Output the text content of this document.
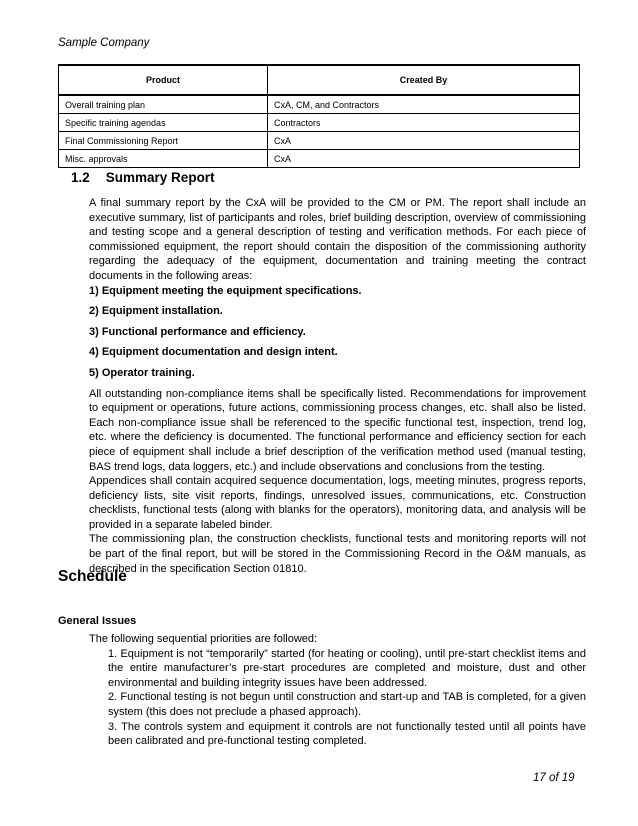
Sample Company
Product	Created By
Overall training plan	CxA, CM, and Contractors
Specific training agendas	Contractors
Final Commissioning Report	CxA
Misc. approvals	CxA
1.2 Summary Report

A final summary report by the CxA will be provided to the CM or PM. The report shall include an executive summary, list of participants and roles, brief building description, overview of commissioning and testing scope and a general description of testing and verification methods. For each piece of commissioned equipment, the report should contain the disposition of the commissioning authority regarding the adequacy of the equipment, documentation and training meeting the contract documents in the following areas:

1) Equipment meeting the equipment specifications.

2) Equipment installation.

3) Functional performance and efficiency.

4) Equipment documentation and design intent.

5) Operator training.

All outstanding non-compliance items shall be specifically listed. Recommendations for improvement to equipment or operations, future actions, commissioning process changes, etc. shall also be listed. Each non-compliance issue shall be referenced to the specific functional test, inspection, trend log, etc. where the deficiency is documented. The functional performance and efficiency section for each piece of equipment shall include a brief description of the verification method used (manual testing, BAS trend logs, data loggers, etc.) and include observations and conclusions from the testing.

Appendices shall contain acquired sequence documentation, logs, meeting minutes, progress reports, deficiency lists, site visit reports, findings, unresolved issues, communications, etc. Construction checklists, functional tests (along with blanks for the operators), monitoring data, and analysis will be provided in a separate labeled binder.

The commissioning plan, the construction checklists, functional tests and monitoring reports will not be part of the final report, but will be stored in the Commissioning Record in the O&M manuals, as described in the specification Section 01810.

Schedule
General Issues

The following sequential priorities are followed:

1. Equipment is not “temporarily” started (for heating or cooling), until pre-start checklist items and the entire manufacturer’s pre-start procedures are completed and moisture, dust and other environmental and building integrity issues have been addressed.

2. Functional testing is not begun until construction and start-up and TAB is completed, for a given system (this does not preclude a phased approach).

3. The controls system and equipment it controls are not functionally tested until all points have been calibrated and pre-functional testing completed.

17 of 19
